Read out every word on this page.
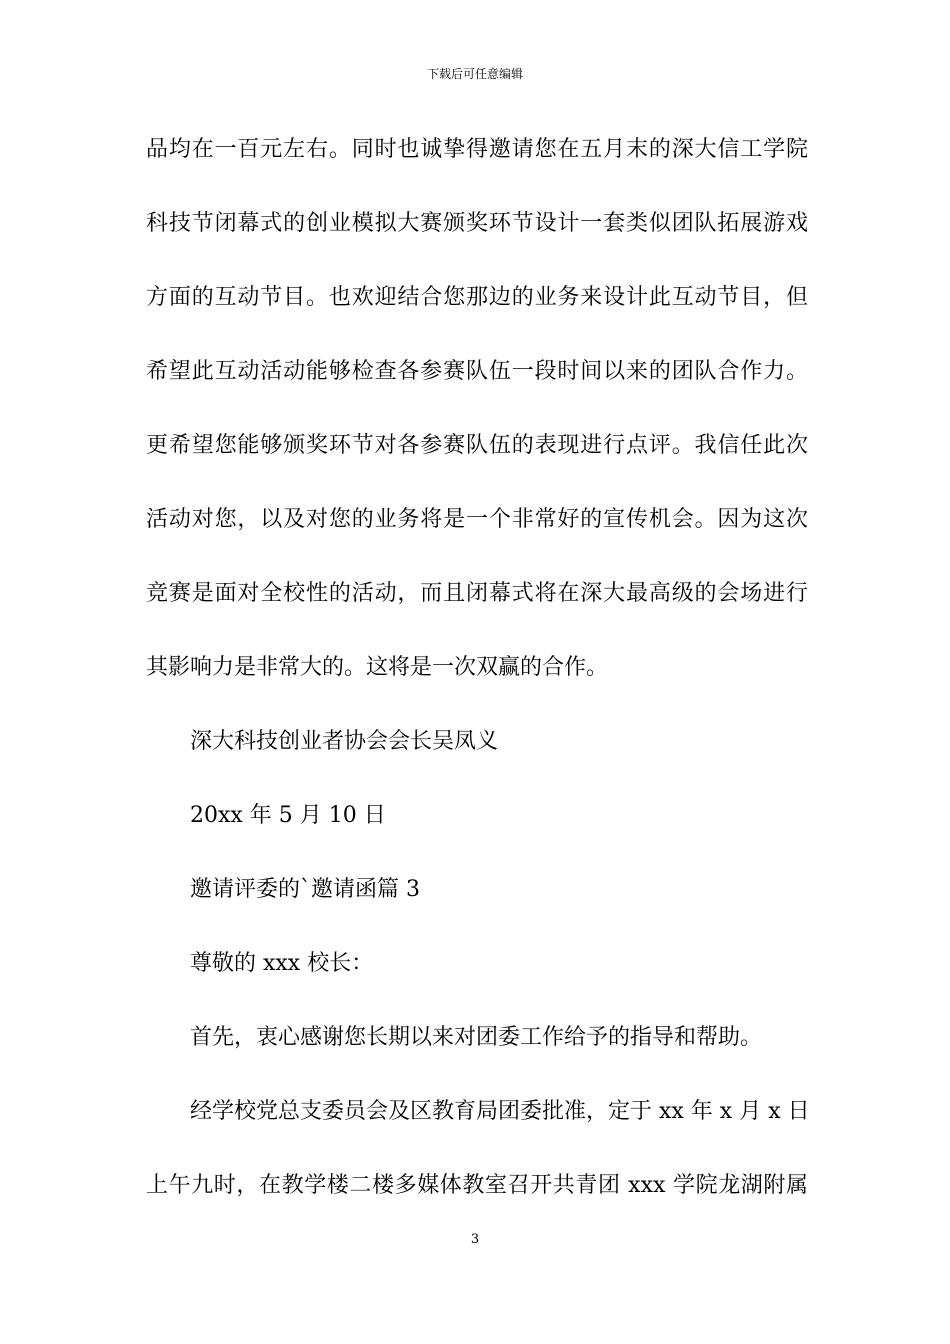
下载后可任意编辑
品均在一百元左右。同时也诚挚得邀请您在五月末的深大信工学院
科技节闭幕式的创业模拟大赛颁奖环节设计一套类似团队拓展游戏
方面的互动节目。也欢迎结合您那边的业务来设计此互动节目，但
希望此互动活动能够检查各参赛队伍一段时间以来的团队合作力。
更希望您能够颁奖环节对各参赛队伍的表现进行点评。我信任此次
活动对您，以及对您的业务将是一个非常好的宣传机会。因为这次
竞赛是面对全校性的活动，而且闭幕式将在深大最高级的会场进行
其影响力是非常大的。这将是一次双赢的合作。
深大科技创业者协会会长吴凤义
20xx 年 5 月 10 日
邀请评委的`邀请函篇 3
尊敬的 xxx 校长：
首先，衷心感谢您长期以来对团委工作给予的指导和帮助。
经学校党总支委员会及区教育局团委批准，定于 xx 年 x 月 x 日
上午九时，在教学楼二楼多媒体教室召开共青团 xxx 学院龙湖附属
3
